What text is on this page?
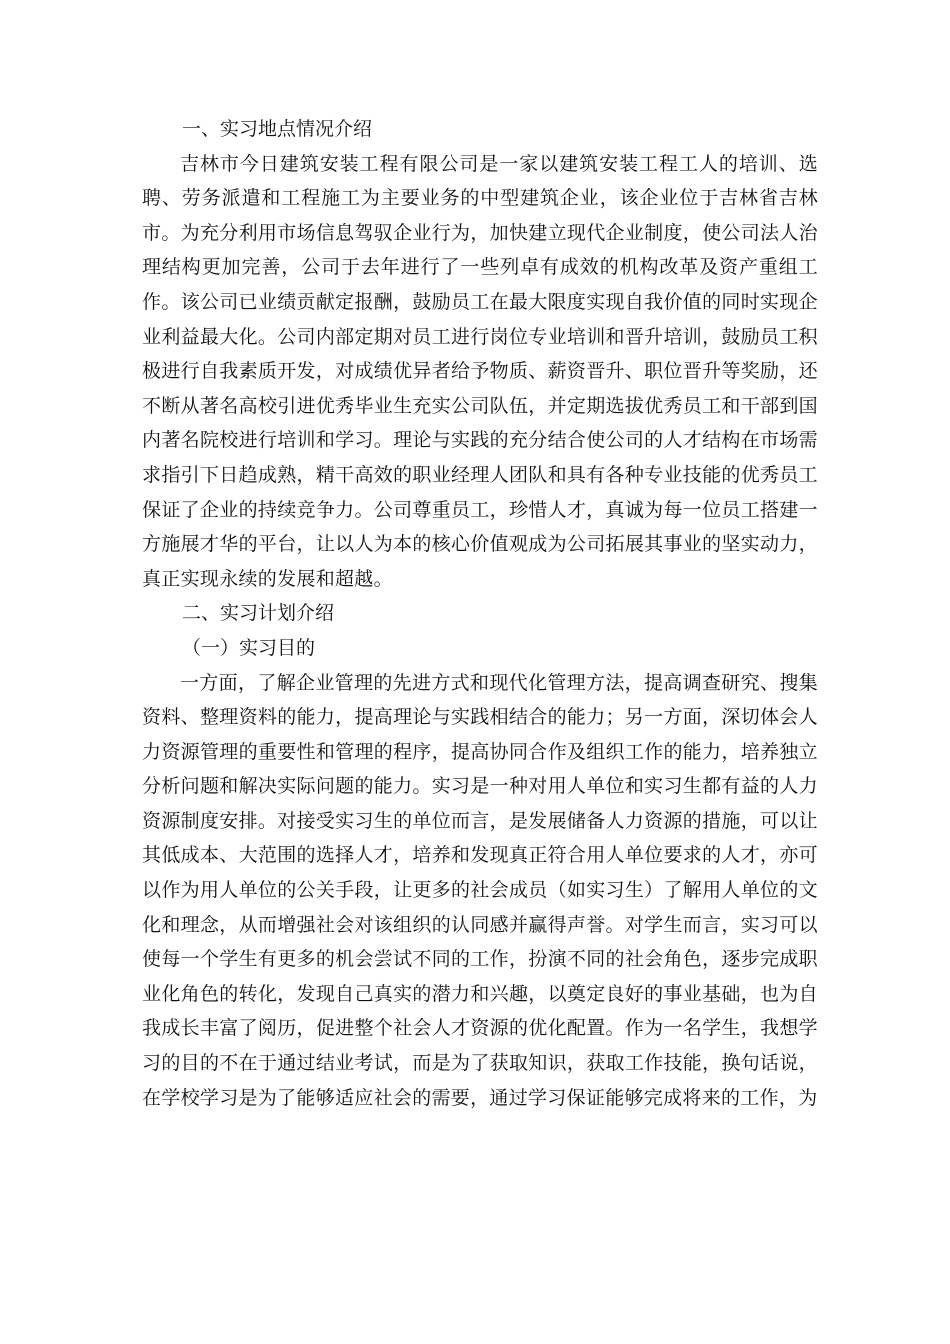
一、实习地点情况介绍

吉林市今日建筑安装工程有限公司是一家以建筑安装工程工人的培训、选聘、劳务派遣和工程施工为主要业务的中型建筑企业，该企业位于吉林省吉林市。为充分利用市场信息驾驭企业行为，加快建立现代企业制度，使公司法人治理结构更加完善，公司于去年进行了一些列卓有成效的机构改革及资产重组工作。该公司已业绩贡献定报酬，鼓励员工在最大限度实现自我价值的同时实现企业利益最大化。公司内部定期对员工进行岗位专业培训和晋升培训，鼓励员工积极进行自我素质开发，对成绩优异者给予物质、薪资晋升、职位晋升等奖励，还不断从著名高校引进优秀毕业生充实公司队伍，并定期选拔优秀员工和干部到国内著名院校进行培训和学习。理论与实践的充分结合使公司的人才结构在市场需求指引下日趋成熟，精干高效的职业经理人团队和具有各种专业技能的优秀员工保证了企业的持续竞争力。公司尊重员工，珍惜人才，真诚为每一位员工搭建一方施展才华的平台，让以人为本的核心价值观成为公司拓展其事业的坚实动力，真正实现永续的发展和超越。

二、实习计划介绍

（一）实习目的

一方面，了解企业管理的先进方式和现代化管理方法，提高调查研究、搜集资料、整理资料的能力，提高理论与实践相结合的能力；另一方面，深切体会人力资源管理的重要性和管理的程序，提高协同合作及组织工作的能力，培养独立分析问题和解决实际问题的能力。实习是一种对用人单位和实习生都有益的人力资源制度安排。对接受实习生的单位而言，是发展储备人力资源的措施，可以让其低成本、大范围的选择人才，培养和发现真正符合用人单位要求的人才，亦可以作为用人单位的公关手段，让更多的社会成员（如实习生）了解用人单位的文化和理念，从而增强社会对该组织的认同感并赢得声誉。对学生而言，实习可以使每一个学生有更多的机会尝试不同的工作，扮演不同的社会角色，逐步完成职业化角色的转化，发现自己真实的潜力和兴趣，以奠定良好的事业基础，也为自我成长丰富了阅历，促进整个社会人才资源的优化配置。作为一名学生，我想学习的目的不在于通过结业考试，而是为了获取知识，获取工作技能，换句话说，在学校学习是为了能够适应社会的需要，通过学习保证能够完成将来的工作，为
